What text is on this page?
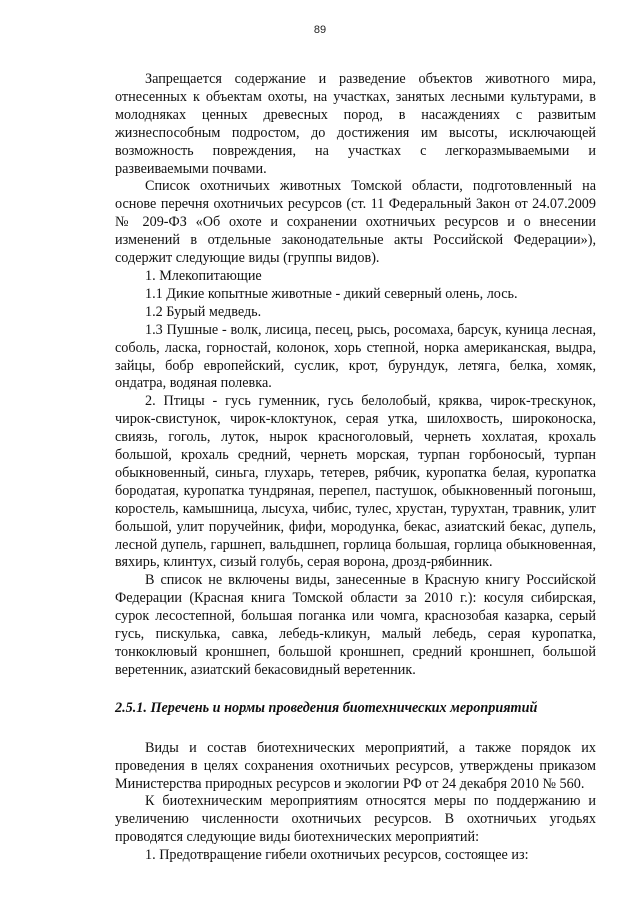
89

Запрещается содержание и разведение объектов животного мира, отнесенных к объектам охоты, на участках, занятых лесными культурами, в молодняках ценных древесных пород, в насаждениях с развитым жизнеспособным подростом, до достижения им высоты, исключающей возможность повреждения, на участках с легкоразмываемыми и развеиваемыми почвами.

Список охотничьих животных Томской области, подготовленный на основе перечня охотничьих ресурсов (ст. 11 Федеральный Закон от 24.07.2009 № 209-ФЗ «Об охоте и сохранении охотничьих ресурсов и о внесении изменений в отдельные законодательные акты Российской Федерации»), содержит следующие виды (группы видов).

1. Млекопитающие

1.1 Дикие копытные животные - дикий северный олень, лось.

1.2 Бурый медведь.

1.3 Пушные - волк, лисица, песец, рысь, росомаха, барсук, куница лесная, соболь, ласка, горностай, колонок, хорь степной, норка американская, выдра, зайцы, бобр европейский, суслик, крот, бурундук, летяга, белка, хомяк, ондатра, водяная полевка.

2. Птицы - гусь гуменник, гусь белолобый, кряква, чирок-трескунок, чирок-свистунок, чирок-клоктунок, серая утка, шилохвость, широконоска, свиязь, гоголь, луток, нырок красноголовый, чернеть хохлатая, крохаль большой, крохаль средний, чернеть морская, турпан горбоносый, турпан обыкновенный, синьга, глухарь, тетерев, рябчик, куропатка белая, куропатка бородатая, куропатка тундряная, перепел, пастушок, обыкновенный погоныш, коростель, камышница, лысуха, чибис, тулес, хрустан, турухтан, травник, улит большой, улит поручейник, фифи, мородунка, бекас, азиатский бекас, дупель, лесной дупель, гаршнеп, вальдшнеп, горлица большая, горлица обыкновенная, вяхирь, клинтух, сизый голубь, серая ворона, дрозд-рябинник.

В список не включены виды, занесенные в Красную книгу Российской Федерации (Красная книга Томской области за 2010 г.): косуля сибирская, сурок лесостепной, большая поганка или чомга, краснозобая казарка, серый гусь, пискулька, савка, лебедь-кликун, малый лебедь, серая куропатка, тонкоклювый кроншнеп, большой кроншнеп, средний кроншнеп, большой веретенник, азиатский бекасовидный веретенник.

2.5.1. Перечень и нормы проведения биотехнических мероприятий

Виды и состав биотехнических мероприятий, а также порядок их проведения в целях сохранения охотничьих ресурсов, утверждены приказом Министерства природных ресурсов и экологии РФ от 24 декабря 2010 № 560.

К биотехническим мероприятиям относятся меры по поддержанию и увеличению численности охотничьих ресурсов. В охотничьих угодьях проводятся следующие виды биотехнических мероприятий:

1. Предотвращение гибели охотничьих ресурсов, состоящее из:
